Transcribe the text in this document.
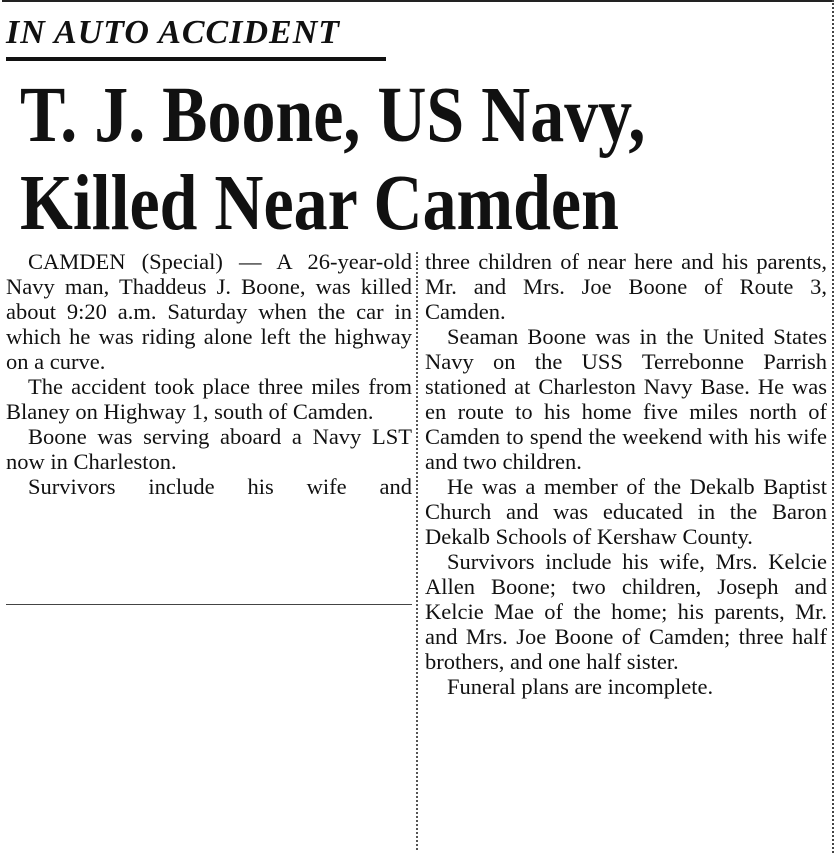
IN AUTO ACCIDENT
T. J. Boone, US Navy,
Killed Near Camden

CAMDEN (Special) — A 26-year-old Navy man, Thaddeus J. Boone, was killed about 9:20 a.m. Saturday when the car in which he was riding alone left the highway on a curve.

The accident took place three miles from Blaney on Highway 1, south of Camden.

Boone was serving aboard a Navy LST now in Charleston.

Survivors include his wife and

three children of near here and his parents, Mr. and Mrs. Joe Boone of Route 3, Camden.

Seaman Boone was in the United States Navy on the USS Terrebonne Parrish stationed at Charleston Navy Base. He was en route to his home five miles north of Camden to spend the weekend with his wife and two children.

He was a member of the Dekalb Baptist Church and was educated in the Baron Dekalb Schools of Kershaw County.

Survivors include his wife, Mrs. Kelcie Allen Boone; two children, Joseph and Kelcie Mae of the home; his parents, Mr. and Mrs. Joe Boone of Camden; three half brothers, and one half sister.

Funeral plans are incomplete.
